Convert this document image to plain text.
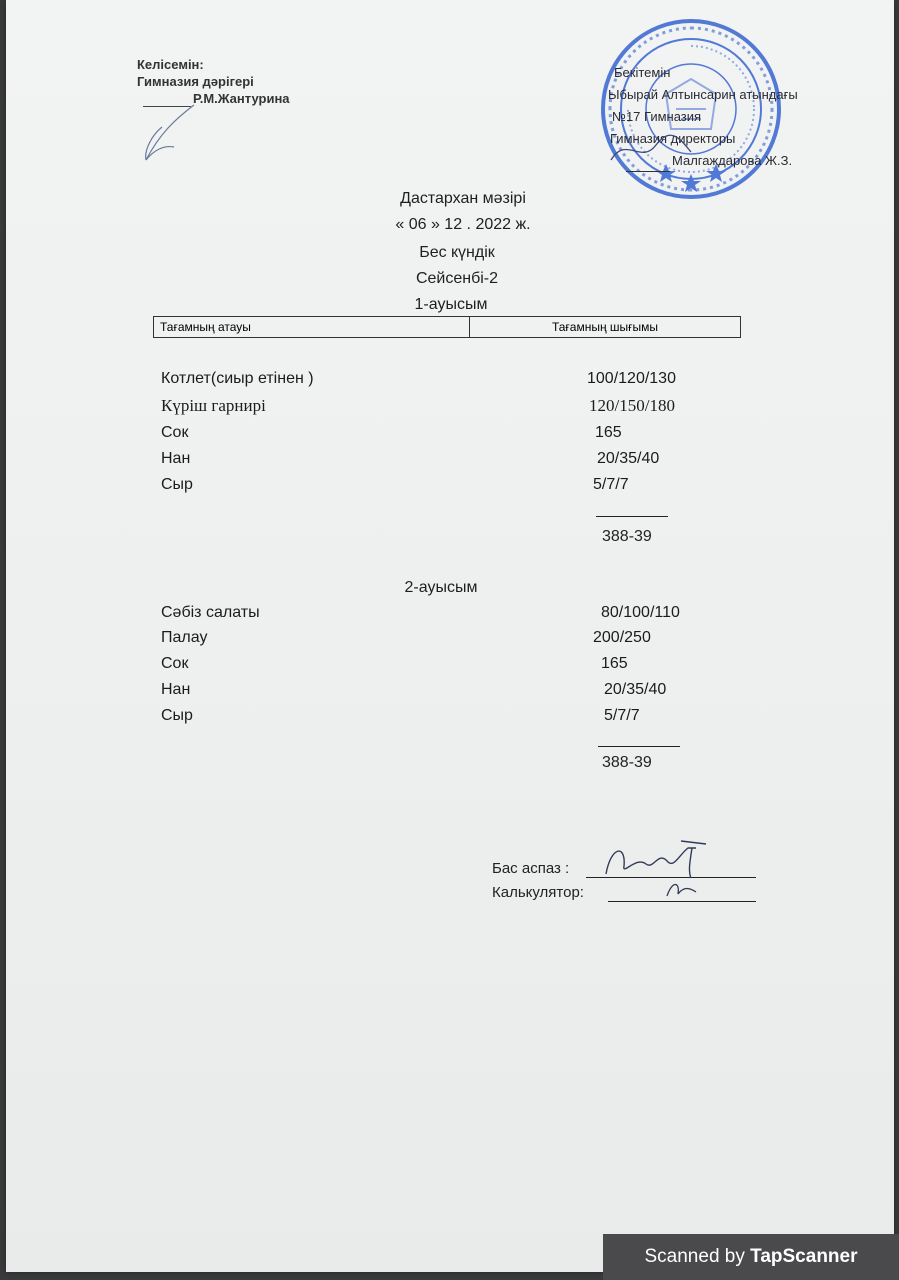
Келісемін:
Гимназия дәрігері
Р.М.Жантурина
Бекітемін
Ыбырай Алтынсарин атындағы
№17 Гимназия
Гимназия директоры
Малгаждарова Ж.З.
Дастархан мәзірі
« 06 » 12 . 2022 ж.
Бес күндік
Сейсенбі-2
1-ауысым
Тағамның атауы	Тағамның шығымы
Котлет(сиыр етінен )	100/120/130
Күріш гарнирі	120/150/180
Сок	165
Нан	20/35/40
Сыр	5/7/7
388-39
2-ауысым
Сәбіз салаты	80/100/110
Палау	200/250
Сок	165
Нан	20/35/40
Сыр	5/7/7
388-39
Бас аспаз :
Калькулятор:
Scanned by TapScanner
